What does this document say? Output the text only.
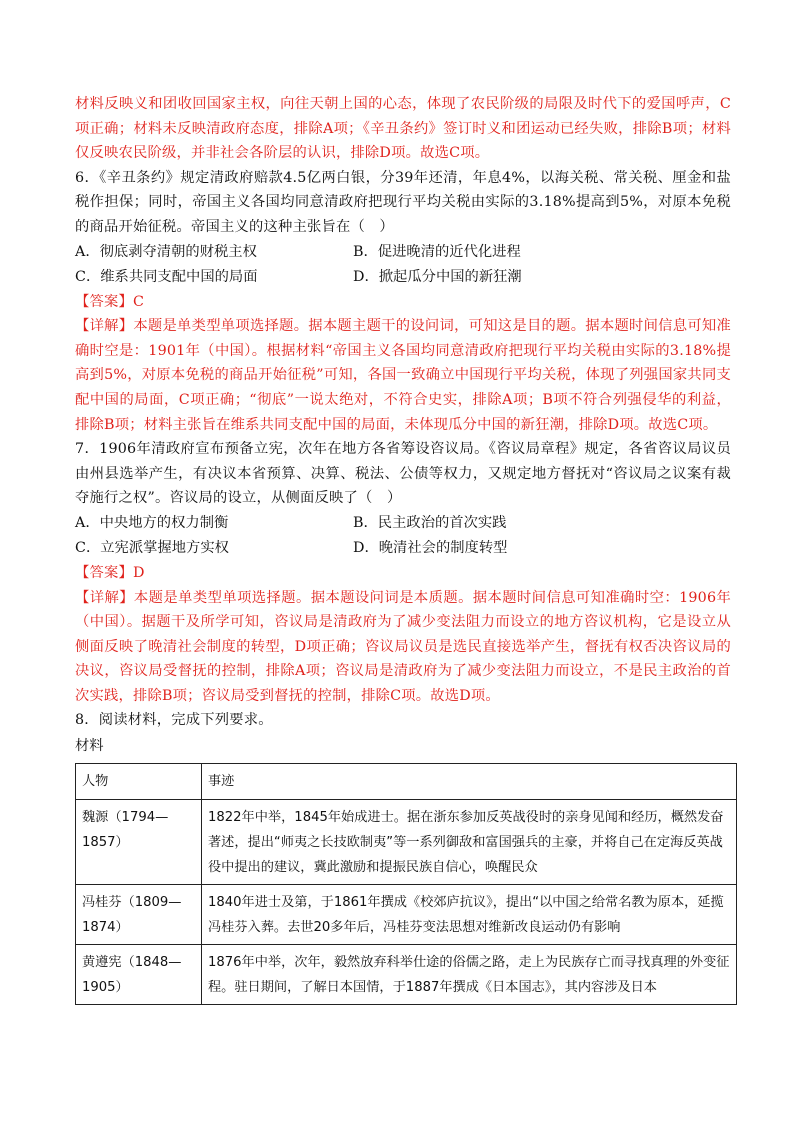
材料反映义和团收回国家主权，向往天朝上国的心态，体现了农民阶级的局限及时代下的爱国呼声，C项正确；材料未反映清政府态度，排除A项；《辛丑条约》签订时义和团运动已经失败，排除B项；材料仅反映农民阶级，并非社会各阶层的认识，排除D项。故选C项。

6．《辛丑条约》规定清政府赔款4.5亿两白银，分39年还清，年息4%，以海关税、常关税、厘金和盐税作担保；同时，帝国主义各国均同意清政府把现行平均关税由实际的3.18%提高到5%，对原本免税的商品开始征税。帝国主义的这种主张旨在（　）

A．彻底剥夺清朝的财税主权	B．促进晚清的近代化进程
C．维系共同支配中国的局面	D．掀起瓜分中国的新狂潮

【答案】C

【详解】本题是单类型单项选择题。据本题主题干的设问词，可知这是目的题。据本题时间信息可知准确时空是：1901年（中国）。根据材料“帝国主义各国均同意清政府把现行平均关税由实际的3.18%提高到5%，对原本免税的商品开始征税”可知，各国一致确立中国现行平均关税，体现了列强国家共同支配中国的局面，C项正确；“彻底”一说太绝对，不符合史实，排除A项；B项不符合列强侵华的利益，排除B项；材料主张旨在维系共同支配中国的局面，未体现瓜分中国的新狂潮，排除D项。故选C项。

7．1906年清政府宣布预备立宪，次年在地方各省筹设咨议局。《咨议局章程》规定，各省咨议局议员由州县选举产生，有决议本省预算、决算、税法、公债等权力，又规定地方督抚对“咨议局之议案有裁夺施行之权”。咨议局的设立，从侧面反映了（　）

A．中央地方的权力制衡	B．民主政治的首次实践
C．立宪派掌握地方实权	D．晚清社会的制度转型

【答案】D

【详解】本题是单类型单项选择题。据本题设问词是本质题。据本题时间信息可知准确时空：1906年（中国）。据题干及所学可知，咨议局是清政府为了减少变法阻力而设立的地方咨议机构，它是设立从侧面反映了晚清社会制度的转型，D项正确；咨议局议员是选民直接选举产生，督抚有权否决咨议局的决议，咨议局受督抚的控制，排除A项；咨议局是清政府为了减少变法阻力而设立，不是民主政治的首次实践，排除B项；咨议局受到督抚的控制，排除C项。故选D项。

8．阅读材料，完成下列要求。

材料
人物	事迹
魏源（1794—1857）	1822年中举，1845年始成进士。据在浙东参加反英战役时的亲身见闻和经历，概然发奋著述，提出“师夷之长技欧制夷”等一系列御敌和富国强兵的主豪，并将自己在定海反英战役中提出的建议，冀此激励和提振民族自信心，唤醒民众
冯桂芬（1809—1874）	1840年进士及第，于1861年撰成《校郊庐抗议》，提出“以中国之给常名教为原本，延揽冯桂芬入葬。去世20多年后，冯桂芬变法思想对维新改良运动仍有影响
黄遵宪（1848—1905）	1876年中举，次年，毅然放弃科举仕途的俗儒之路，走上为民族存亡而寻找真理的外变征程。驻日期间，了解日本国情，于1887年撰成《日本国志》，其内容涉及日本
